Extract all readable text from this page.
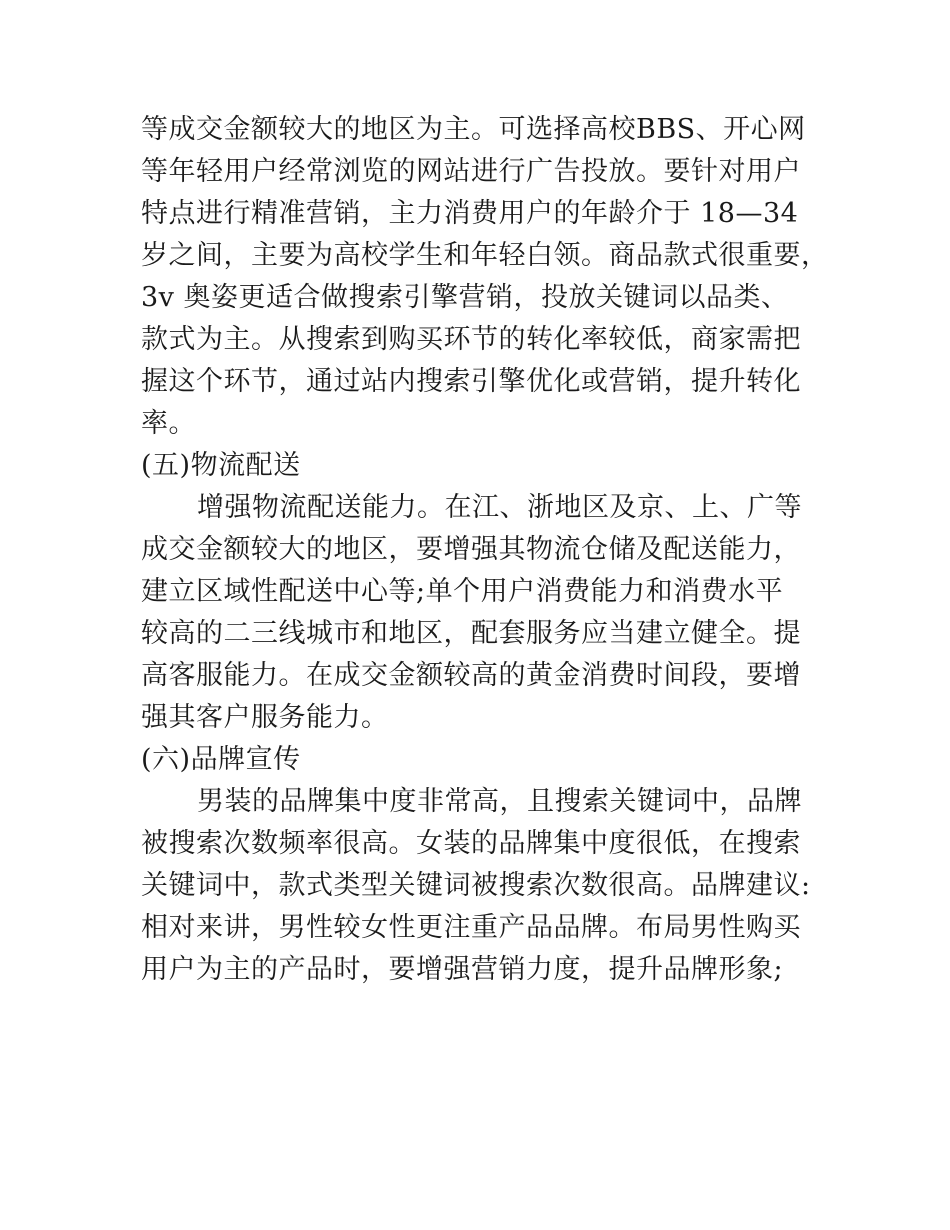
等成交金额较大的地区为主。可选择高校BBS、开心网
等年轻用户经常浏览的网站进行广告投放。要针对用户
特点进行精准营销，主力消费用户的年龄介于 18—34
岁之间，主要为高校学生和年轻白领。商品款式很重要，
3v 奥姿更适合做搜索引擎营销，投放关键词以品类、
款式为主。从搜索到购买环节的转化率较低，商家需把
握这个环节，通过站内搜索引擎优化或营销，提升转化
率。
(五)物流配送
增强物流配送能力。在江、浙地区及京、上、广等
成交金额较大的地区，要增强其物流仓储及配送能力，
建立区域性配送中心等;单个用户消费能力和消费水平
较高的二三线城市和地区，配套服务应当建立健全。提
高客服能力。在成交金额较高的黄金消费时间段，要增
强其客户服务能力。
(六)品牌宣传
男装的品牌集中度非常高，且搜索关键词中，品牌
被搜索次数频率很高。女装的品牌集中度很低，在搜索
关键词中，款式类型关键词被搜索次数很高。品牌建议:
相对来讲，男性较女性更注重产品品牌。布局男性购买
用户为主的产品时，要增强营销力度，提升品牌形象;
